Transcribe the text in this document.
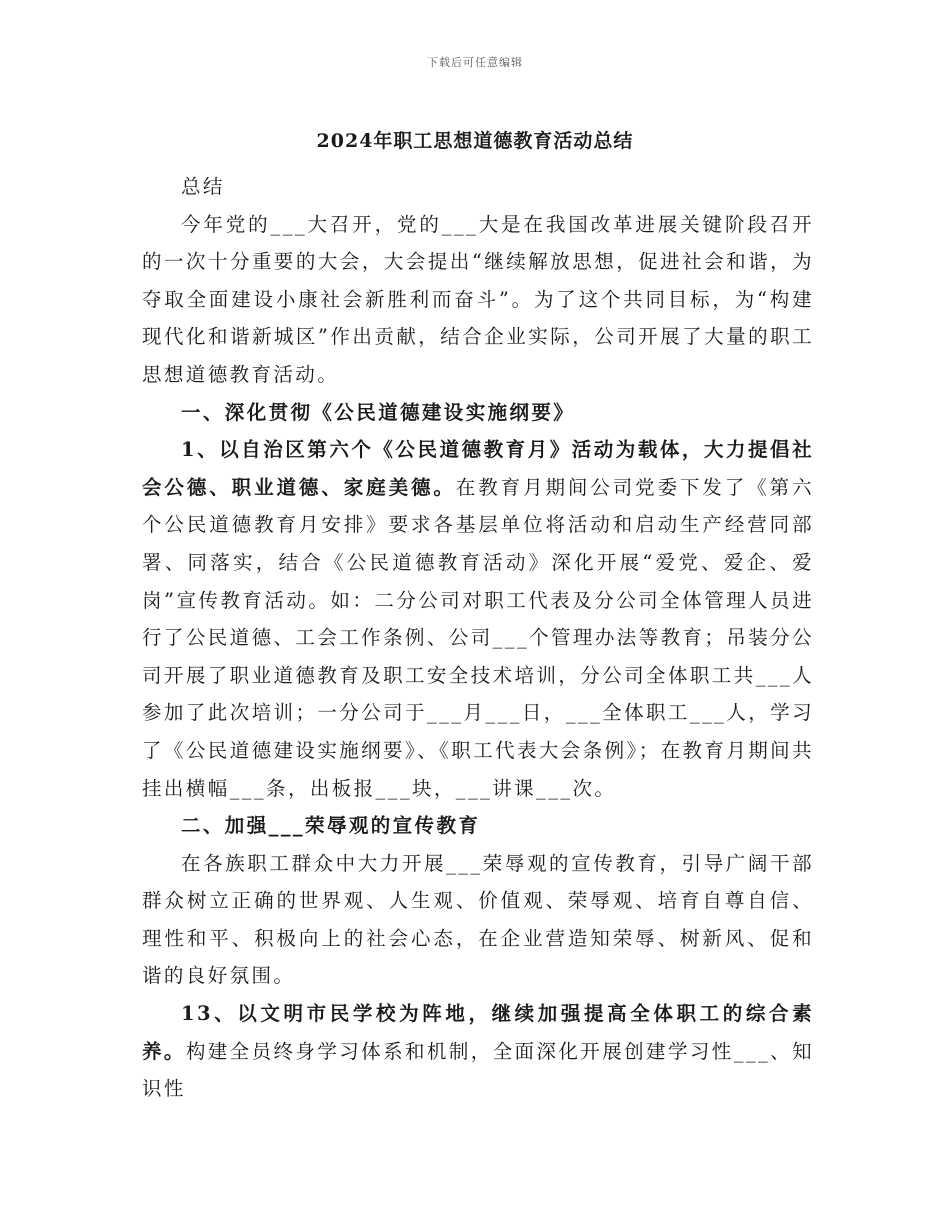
下载后可任意编辑
2024年职工思想道德教育活动总结

总结

今年党的___大召开，党的___大是在我国改革进展关键阶段召开的一次十分重要的大会，大会提出“继续解放思想，促进社会和谐，为夺取全面建设小康社会新胜利而奋斗”。为了这个共同目标，为“构建现代化和谐新城区”作出贡献，结合企业实际，公司开展了大量的职工思想道德教育活动。

一、深化贯彻《公民道德建设实施纲要》

1、以自治区第六个《公民道德教育月》活动为载体，大力提倡社会公德、职业道德、家庭美德。在教育月期间公司党委下发了《第六个公民道德教育月安排》要求各基层单位将活动和启动生产经营同部署、同落实，结合《公民道德教育活动》深化开展“爱党、爱企、爱岗”宣传教育活动。如：二分公司对职工代表及分公司全体管理人员进行了公民道德、工会工作条例、公司___个管理办法等教育；吊装分公司开展了职业道德教育及职工安全技术培训，分公司全体职工共___人参加了此次培训；一分公司于___月___日，___全体职工___人，学习了《公民道德建设实施纲要》、《职工代表大会条例》；在教育月期间共挂出横幅___条，出板报___块，___讲课___次。

二、加强___荣辱观的宣传教育

在各族职工群众中大力开展___荣辱观的宣传教育，引导广阔干部群众树立正确的世界观、人生观、价值观、荣辱观、培育自尊自信、理性和平、积极向上的社会心态，在企业营造知荣辱、树新风、促和谐的良好氛围。

13、以文明市民学校为阵地，继续加强提高全体职工的综合素养。构建全员终身学习体系和机制，全面深化开展创建学习性___、知识性
